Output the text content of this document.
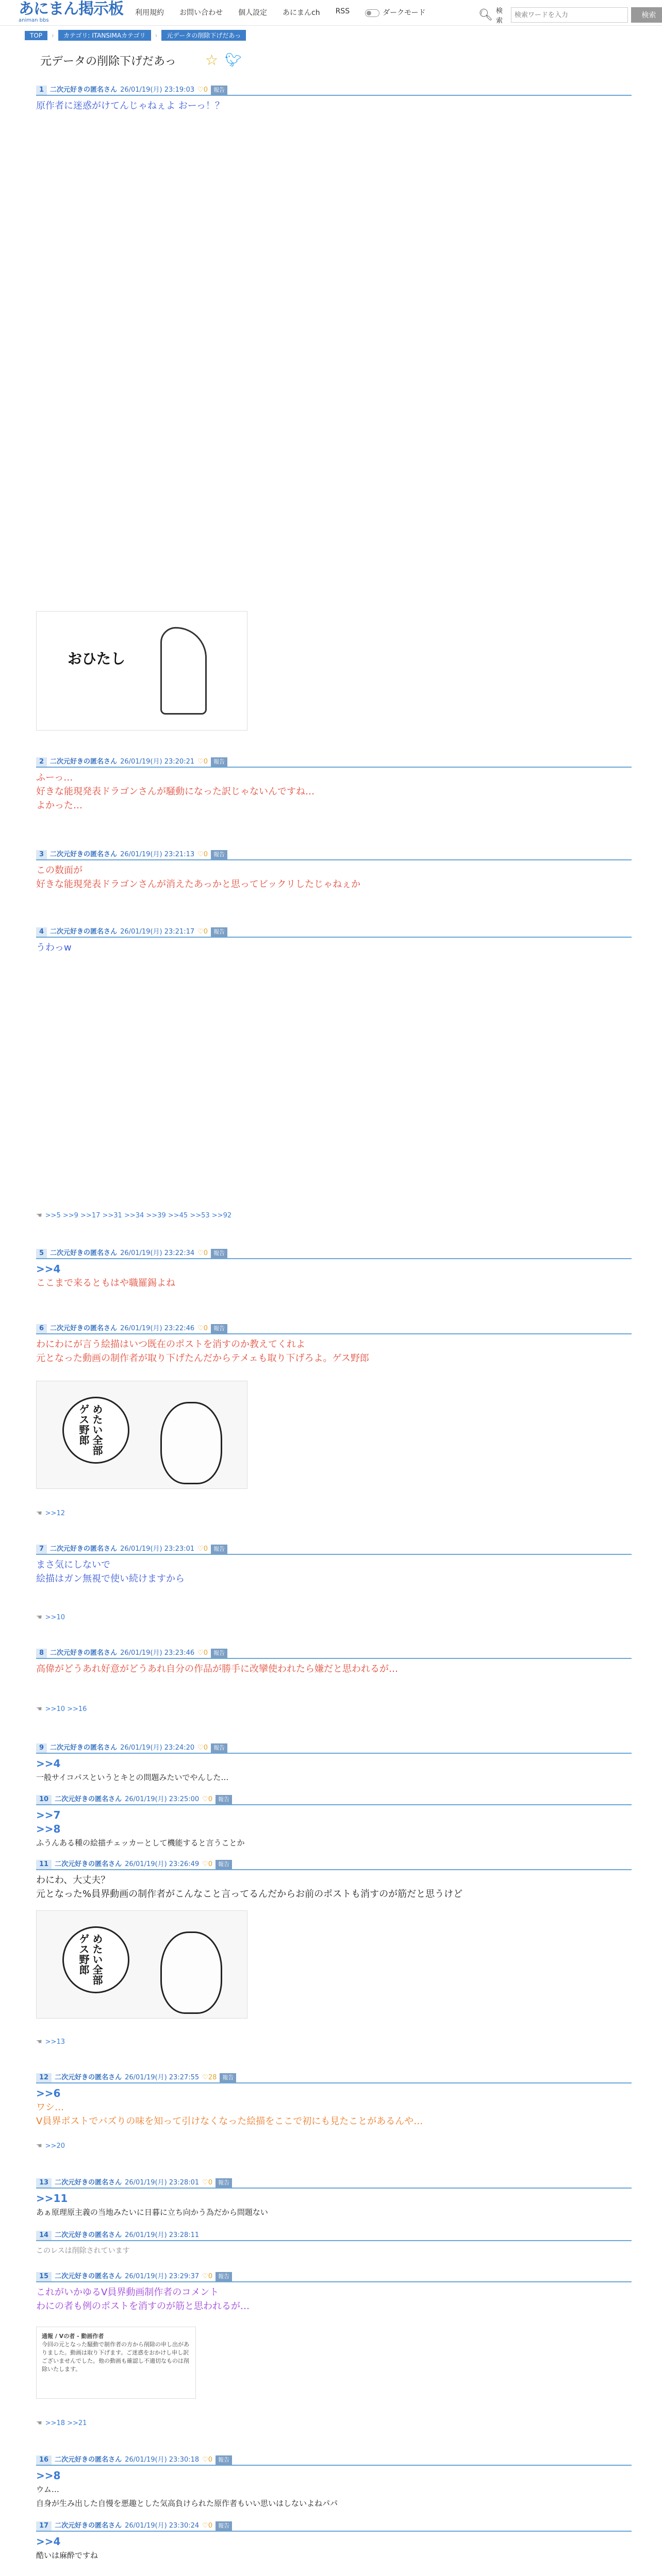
あにまん掲示板
animan bbs
利用規約 お問い合わせ 個人設定 あにまんch RSS	ダークモード	🔍︎ 検索
検索ワードを入力
検索
TOP	›	カテゴリ: ITANSIMAカテゴリ	›	元データの削除下げだあっ
元データの削除下げだあっ ☆ 🐦︎
1 二次元好きの匿名さん 26/01/19(月) 23:19:03 ♡0	報告
原作者に迷惑がけてんじゃねぇよ おーっ！？
おひたし
2 二次元好きの匿名さん 26/01/19(月) 23:20:21 ♡0	報告
ふーっ…
好きな能現発表ドラゴンさんが騒動になった訳じゃないんですね…
よかった…
3 二次元好きの匿名さん 26/01/19(月) 23:21:13 ♡0	報告
この数面が
好きな能現発表ドラゴンさんが消えたあっかと思ってビックリしたじゃねぇか
4 二次元好きの匿名さん 26/01/19(月) 23:21:17 ♡0	報告
うわっw
☚ >>5 >>9 >>17 >>31 >>34 >>39 >>45 >>53 >>92
5 二次元好きの匿名さん 26/01/19(月) 23:22:34 ♡0	報告
>>4
ここまで来るともはや職羅錫よね
6 二次元好きの匿名さん 26/01/19(月) 23:22:46 ♡0	報告
わにわにが言う絵描はいつ既在のポストを消すのか教えてくれよ
元となった動画の制作者が取り下げたんだからテメェも取り下げろよ。ゲス野郎
めたい全部ゲス野郎
☚ >>12
7 二次元好きの匿名さん 26/01/19(月) 23:23:01 ♡0	報告
まさ気にしないで
絵描はガン無視で使い続けますから
☚ >>10
8 二次元好きの匿名さん 26/01/19(月) 23:23:46 ♡0	報告
高偉がどうあれ好意がどうあれ自分の作品が勝手に改攣使われたら嫌だと思われるが…
☚ >>10 >>16
9 二次元好きの匿名さん 26/01/19(月) 23:24:20 ♡0	報告
>>4
一般サイコパスというとキとの問題みたいでやんした…
10 二次元好きの匿名さん 26/01/19(月) 23:25:00 ♡0	報告
>>7
>>8
ふうんある種の絵描チェッカーとして機能すると言うことか
11 二次元好きの匿名さん 26/01/19(月) 23:26:49 ♡0	報告
わにわ、大丈夫？
元となった%員界動画の制作者がこんなこと言ってるんだからお前のポストも消すのが筋だと思うけど
めたい全部ゲス野郎
☚ >>13
12 二次元好きの匿名さん 26/01/19(月) 23:27:55 ♡28	報告
>>6
ワシ…
V員界ポストでバズりの味を知って引けなくなった絵描をここで初にも見たことがあるんや…
☚ >>20
13 二次元好きの匿名さん 26/01/19(月) 23:28:01 ♡0	報告
>>11
あぁ原理原主義の当地みたいに日暮に立ち向かう為だから問題ない
14 二次元好きの匿名さん 26/01/19(月) 23:28:11
このレスは削除されています
15 二次元好きの匿名さん 26/01/19(月) 23:29:37 ♡0	報告
これがいかゆるV員界動画制作者のコメント
わにの者も例のポストを消すのが筋と思われるが…
通報 / Vの者 - 動画作者
今回の元となった騒動で制作者の方から削除の申し出がありました。動画は取り下げます。ご迷惑をおかけし申し訳ございませんでした。他の動画も確認し不適切なものは削除いたします。
☚ >>18 >>21
16 二次元好きの匿名さん 26/01/19(月) 23:30:18 ♡0	報告
>>8
ウム…
自身が生み出した自慢を悪趣とした気高負けられた原作者もいい思いはしないよねパパ
17 二次元好きの匿名さん 26/01/19(月) 23:30:24 ♡0	報告
>>4
酷いは麻酔ですね
